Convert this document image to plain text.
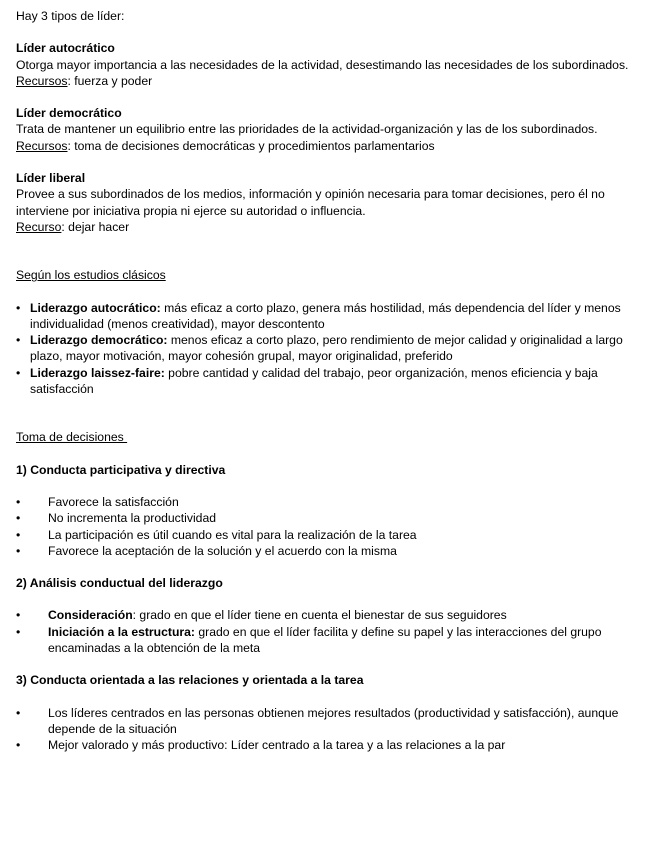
Hay 3 tipos de líder:

Líder autocrático

Otorga mayor importancia a las necesidades de la actividad, desestimando las necesidades de los subordinados.

Recursos: fuerza y poder

Líder democrático

Trata de mantener un equilibrio entre las prioridades de la actividad-organización y las de los subordinados.

Recursos: toma de decisiones democráticas y procedimientos parlamentarios

Líder liberal

Provee a sus subordinados de los medios, información y opinión necesaria para tomar decisiones, pero él no interviene por iniciativa propia ni ejerce su autoridad o influencia.

Recurso: dejar hacer

Según los estudios clásicos

• Liderazgo autocrático: más eficaz a corto plazo, genera más hostilidad, más dependencia del líder y menos individualidad (menos creatividad), mayor descontento
• Liderazgo democrático: menos eficaz a corto plazo, pero rendimiento de mejor calidad y originalidad a largo plazo, mayor motivación, mayor cohesión grupal, mayor originalidad, preferido
• Liderazgo laissez-faire: pobre cantidad y calidad del trabajo, peor organización, menos eficiencia y baja satisfacción

Toma de decisiones

1) Conducta participativa y directiva

• Favorece la satisfacción
• No incrementa la productividad
• La participación es útil cuando es vital para la realización de la tarea
• Favorece la aceptación de la solución y el acuerdo con la misma

2) Análisis conductual del liderazgo

• Consideración: grado en que el líder tiene en cuenta el bienestar de sus seguidores
• Iniciación a la estructura: grado en que el líder facilita y define su papel y las interacciones del grupo encaminadas a la obtención de la meta

3) Conducta orientada a las relaciones y orientada a la tarea

• Los líderes centrados en las personas obtienen mejores resultados (productividad y satisfacción), aunque depende de la situación
• Mejor valorado y más productivo: Líder centrado a la tarea y a las relaciones a la par
